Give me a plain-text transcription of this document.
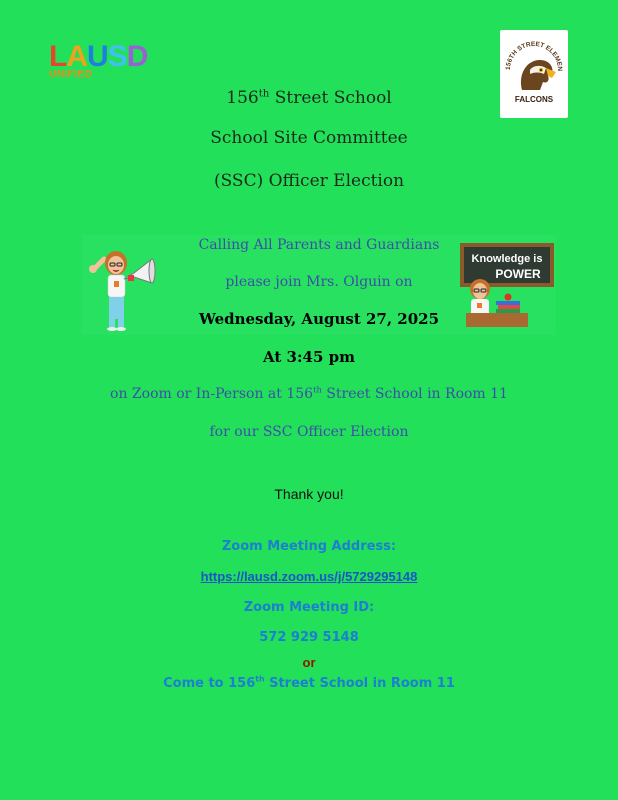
LAUSD
UNIFIED
156TH STREET ELEMEN
FALCONS
156th Street School
School Site Committee
(SSC) Officer Election
Knowledge is
POWER
Calling All Parents and Guardians
please join Mrs. Olguin on
Wednesday, August 27, 2025
At 3:45 pm
on Zoom or In-Person at 156th Street School in Room 11
for our SSC Officer Election
Thank you!
Zoom Meeting Address:
https://lausd.zoom.us/j/5729295148
Zoom Meeting ID:
572 929 5148
or
Come to 156th Street School in Room 11
